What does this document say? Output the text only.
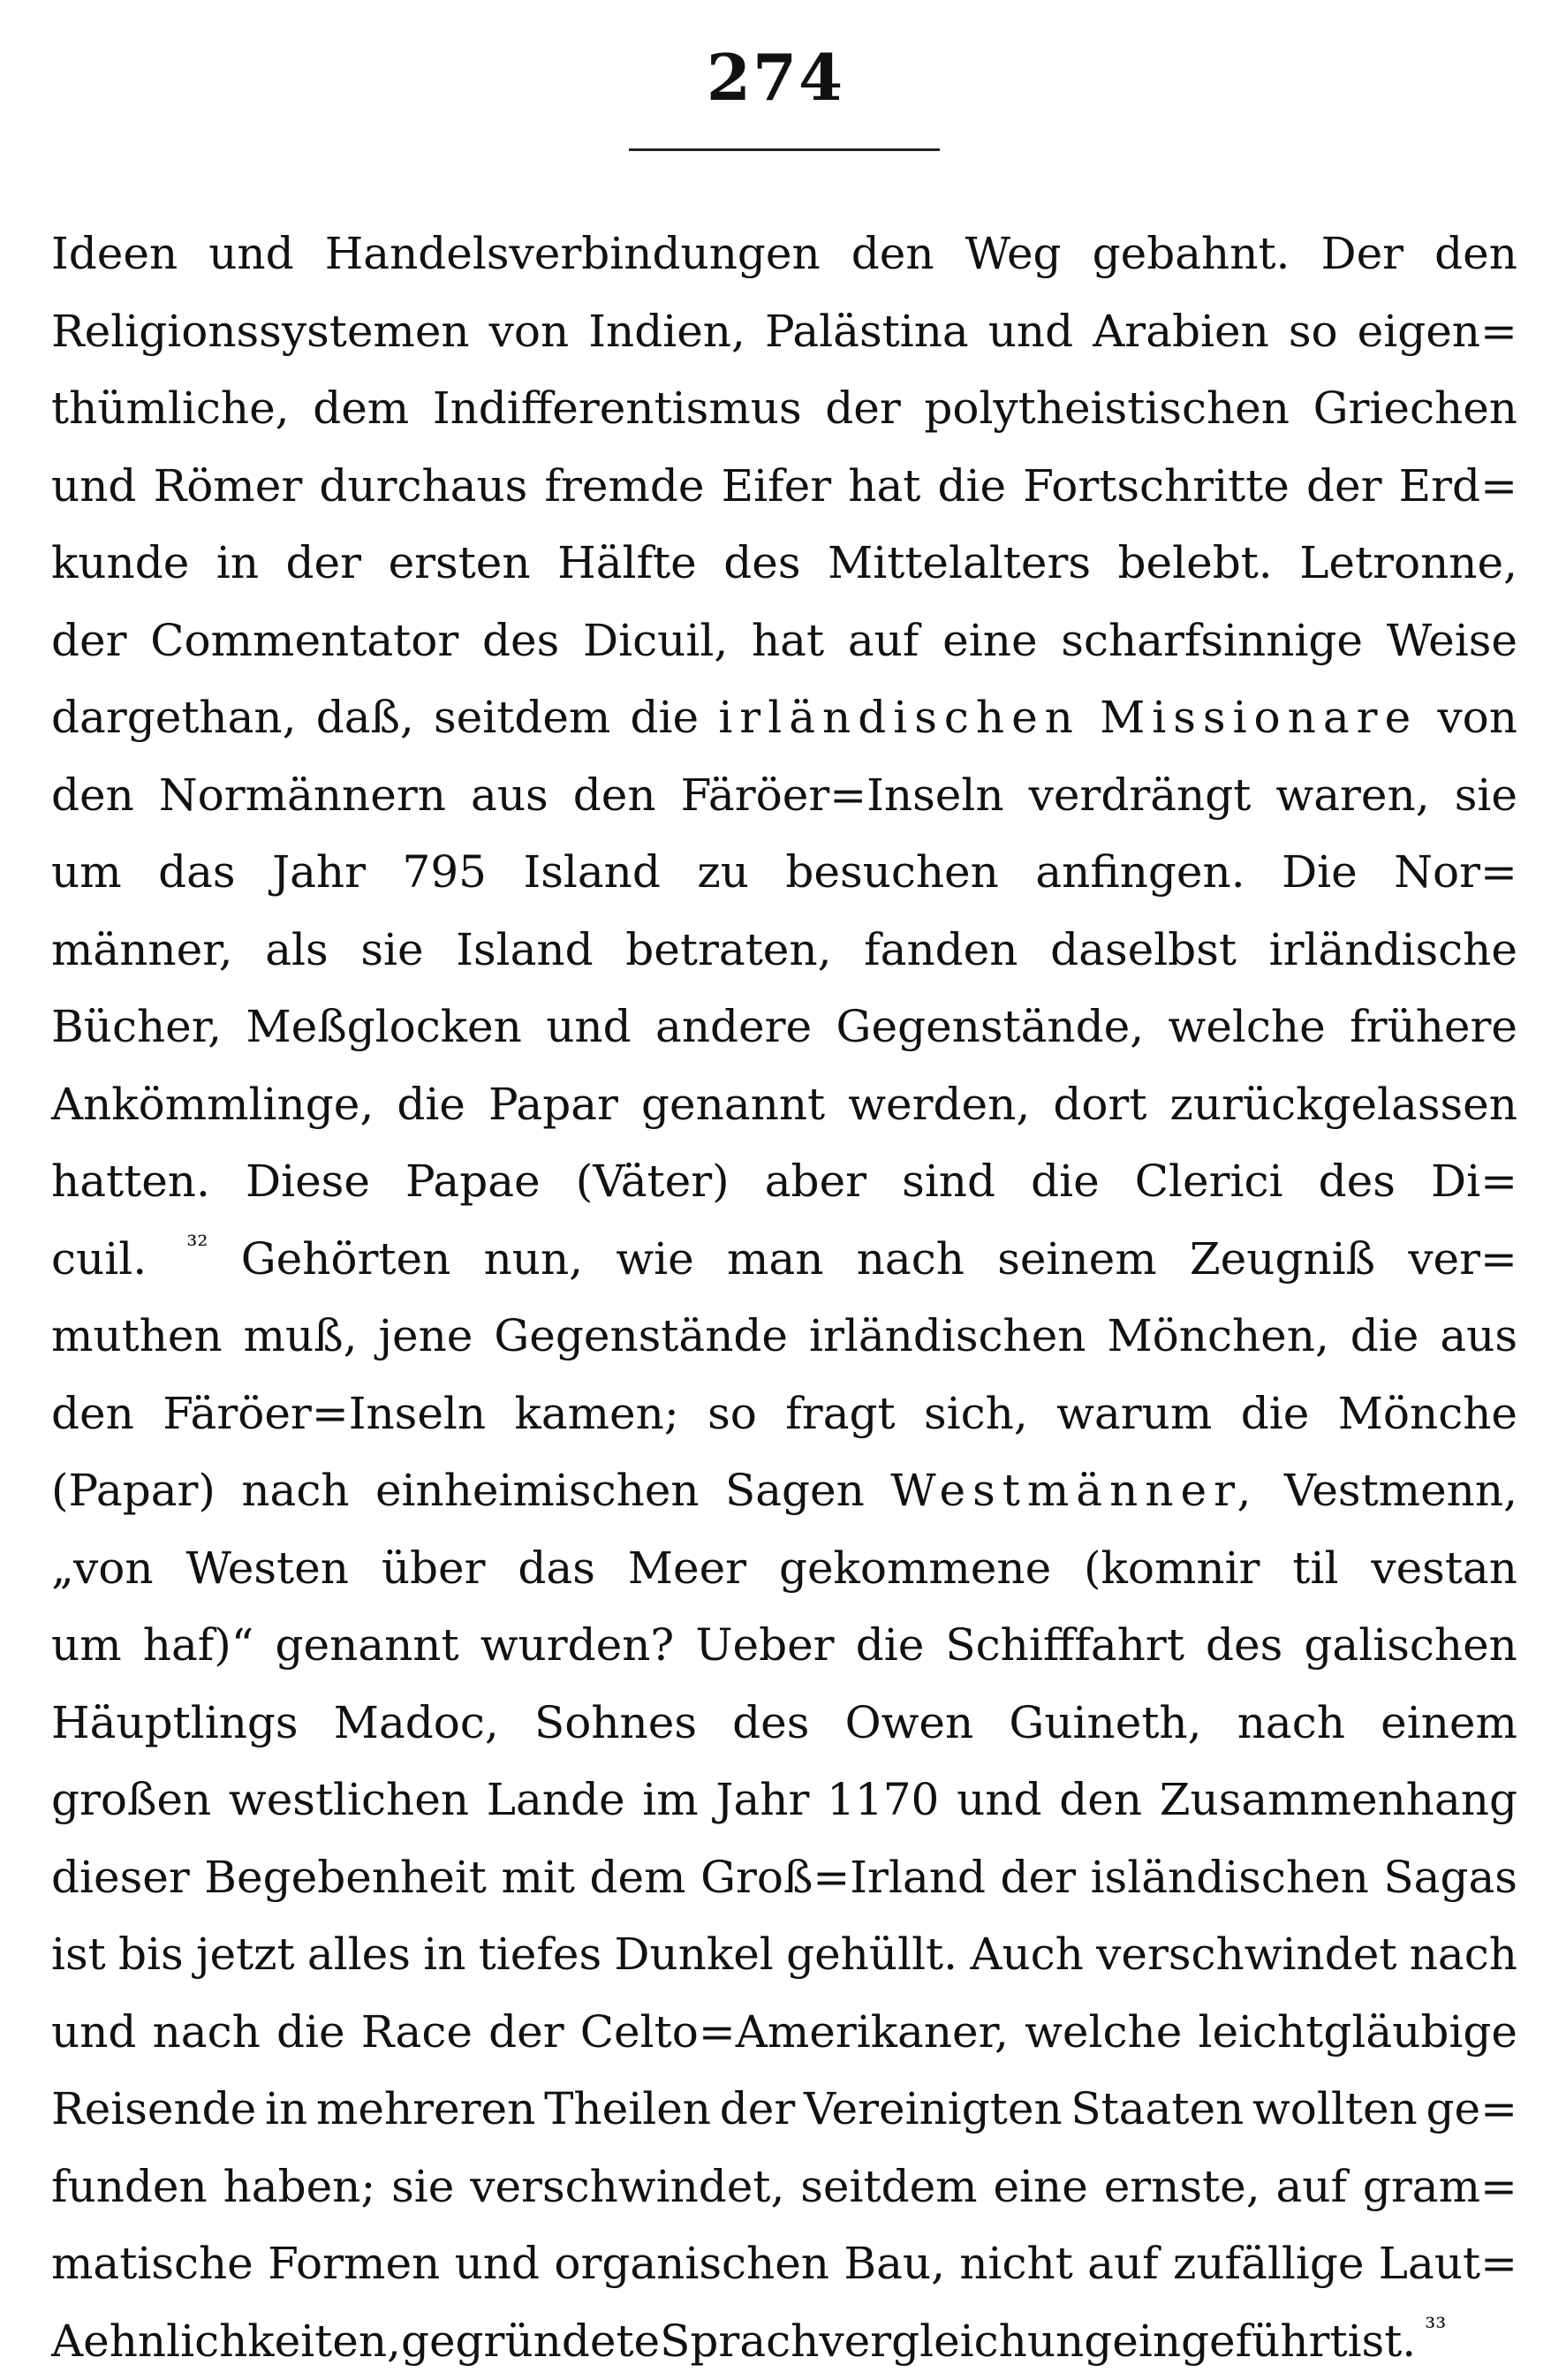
274
Ideen und Handelsverbindungen den Weg gebahnt. Der den
Religionssystemen von Indien, Palästina und Arabien so eigen=
thümliche, dem Indifferentismus der polytheistischen Griechen
und Römer durchaus fremde Eifer hat die Fortschritte der Erd=
kunde in der ersten Hälfte des Mittelalters belebt. Letronne,
der Commentator des Dicuil, hat auf eine scharfsinnige Weise
dargethan, daß, seitdem die irländischen Missionare von
den Normännern aus den Färöer=Inseln verdrängt waren, sie
um das Jahr 795 Island zu besuchen anfingen. Die Nor=
männer, als sie Island betraten, fanden daselbst irländische
Bücher, Meßglocken und andere Gegenstände, welche frühere
Ankömmlinge, die Papar genannt werden, dort zurückgelassen
hatten. Diese Papae (Väter) aber sind die Clerici des Di=
cuil. ³² Gehörten nun, wie man nach seinem Zeugniß ver=
muthen muß, jene Gegenstände irländischen Mönchen, die aus
den Färöer=Inseln kamen; so fragt sich, warum die Mönche
(Papar) nach einheimischen Sagen Westmänner, Vestmenn,
„von Westen über das Meer gekommene (komnir til vestan
um haf)“ genannt wurden? Ueber die Schifffahrt des galischen
Häuptlings Madoc, Sohnes des Owen Guineth, nach einem
großen westlichen Lande im Jahr 1170 und den Zusammenhang
dieser Begebenheit mit dem Groß=Irland der isländischen Sagas
ist bis jetzt alles in tiefes Dunkel gehüllt. Auch verschwindet nach
und nach die Race der Celto=Amerikaner, welche leichtgläubige
Reisende in mehreren Theilen der Vereinigten Staaten wollten ge=
funden haben; sie verschwindet, seitdem eine ernste, auf gram=
matische Formen und organischen Bau, nicht auf zufällige Laut=
Aehnlichkeiten, gegründete Sprachvergleichung eingeführt ist. ³³
